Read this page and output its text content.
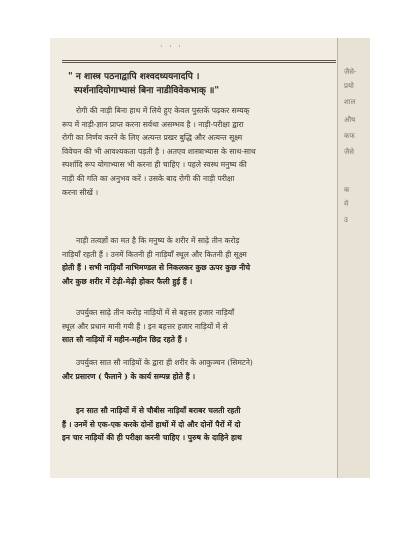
· · ·
" न शास्त्र पठनाद्वापि शश्वदध्ययनादपि ।
स्पर्शनादियोगाभ्यासं बिना नाडीविवेकभाक् ॥"

रोगी की नाड़ी बिना हाथ में लिये हुए केवल पुस्तकें पढ़कर सम्यक्

रूप में नाड़ी-ज्ञान प्राप्त करना सर्वथा असम्भव है । नाड़ी-परीक्षा द्वारा

रोगी का निर्णय करने के लिए अत्यन्त प्रखर बुद्धि और अत्यन्त सूक्ष्म

विवेचन की भी आवश्यकता पड़ती है । अतएव शास्त्राभ्यास के साथ-साथ

स्पर्शादि रूप योगाभ्यास भी करना ही चाहिए । पहले स्वस्थ मनुष्य की

नाड़ी की गति का अनुभव करें । उसके बाद रोगी की नाड़ी परीक्षा

करना सीखें ।

नाड़ी तत्वज्ञों का मत है कि मनुष्य के शरीर में साढ़े तीन करोड़

नाड़ियाँ रहती हैं । उनमें कितनी ही नाड़ियाँ स्थूल और कितनी ही सूक्ष्म

होती हैं । सभी नाड़ियाँ नाभिमण्डल से निकलकर कुछ ऊपर कुछ नीचे

और कुछ शरीर में टेढ़ी-मेढ़ी होकर फैली हुई हैं ।

उपर्युक्त साढ़े तीन करोड़ नाड़ियों में से बहत्तर हजार नाड़ियाँ

स्थूल और प्रधान मानी गयी हैं । इन बहत्तर हजार नाड़ियों में से

सात सौ नाड़ियों में महीन-महीन छिद्र रहते हैं ।

उपर्युक्त सात सौ नाड़ियों के द्वारा ही शरीर के आकुञ्चन (सिमटने)

और प्रसारण ( फैलाने ) के कार्य सम्पन्न होते हैं ।

इन सात सौ नाड़ियों में से चौबीस नाड़ियाँ बराबर चलती रहती

हैं । उनमें से एक-एक करके दोनों हाथों में दो और दोनों पैरों में दो

इन चार नाड़ियों की ही परीक्षा करनी चाहिए । पुरुष के दाहिने हाथ

जैसे-
प्रयो
शाल
औष
कफ
जैसे
क
में
उ
